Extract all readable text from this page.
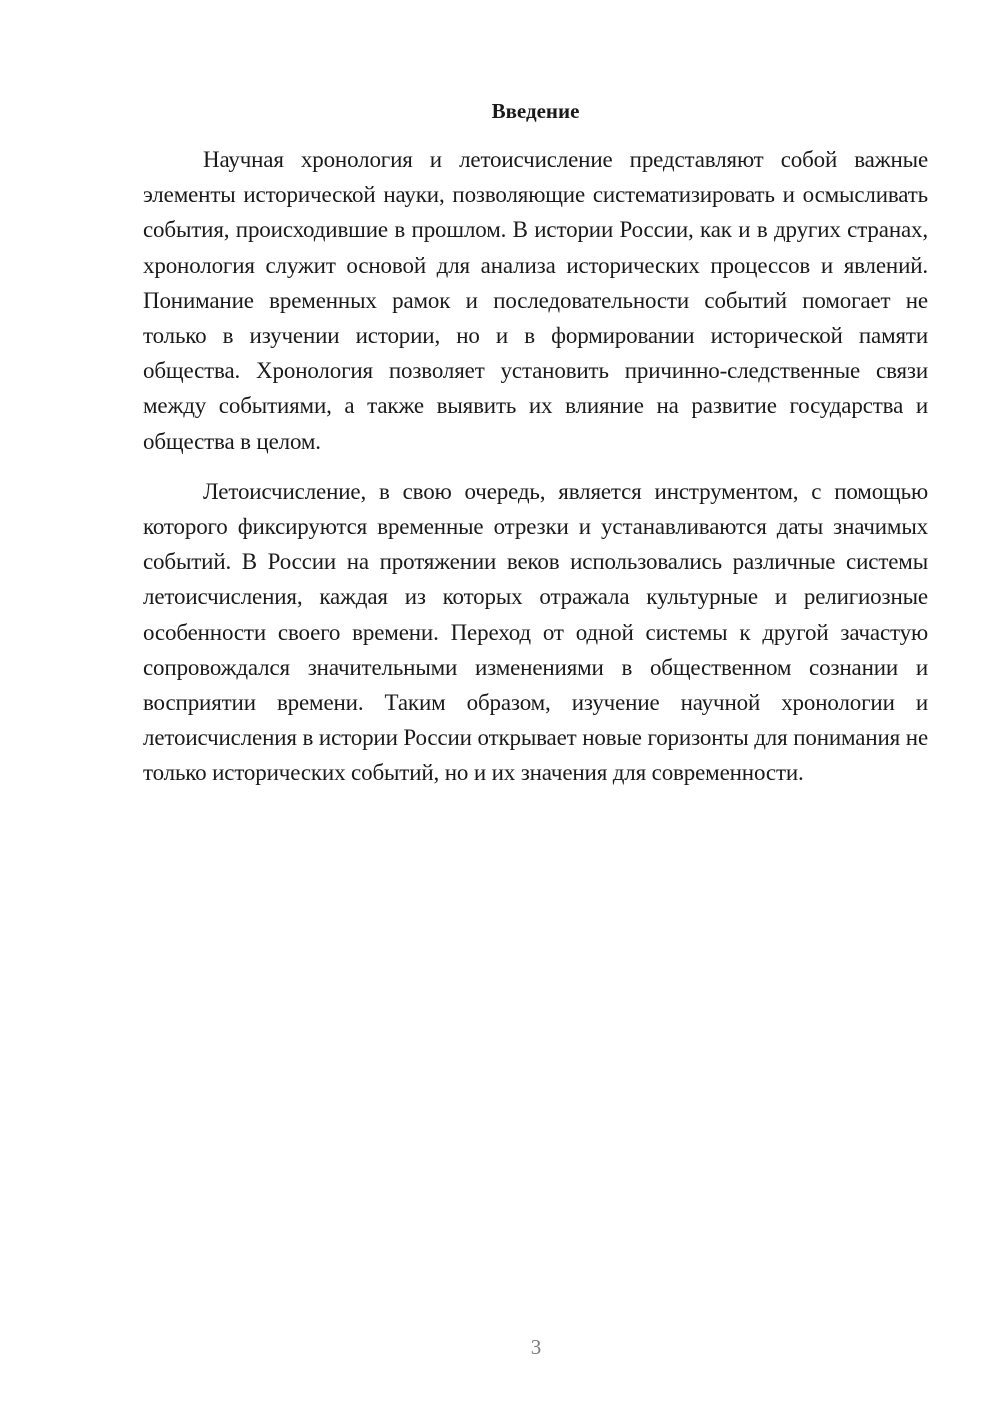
Введение

Научная хронология и летоисчисление представляют собой важные элементы исторической науки, позволяющие систематизировать и осмысливать события, происходившие в прошлом. В истории России, как и в других странах, хронология служит основой для анализа исторических процессов и явлений. Понимание временных рамок и последовательности событий помогает не только в изучении истории, но и в формировании исторической памяти общества. Хронология позволяет установить причинно-следственные связи между событиями, а также выявить их влияние на развитие государства и общества в целом.

Летоисчисление, в свою очередь, является инструментом, с помощью которого фиксируются временные отрезки и устанавливаются даты значимых событий. В России на протяжении веков использовались различные системы летоисчисления, каждая из которых отражала культурные и религиозные особенности своего времени. Переход от одной системы к другой зачастую сопровождался значительными изменениями в общественном сознании и восприятии времени. Таким образом, изучение научной хронологии и летоисчисления в истории России открывает новые горизонты для понимания не только исторических событий, но и их значения для современности.

3
